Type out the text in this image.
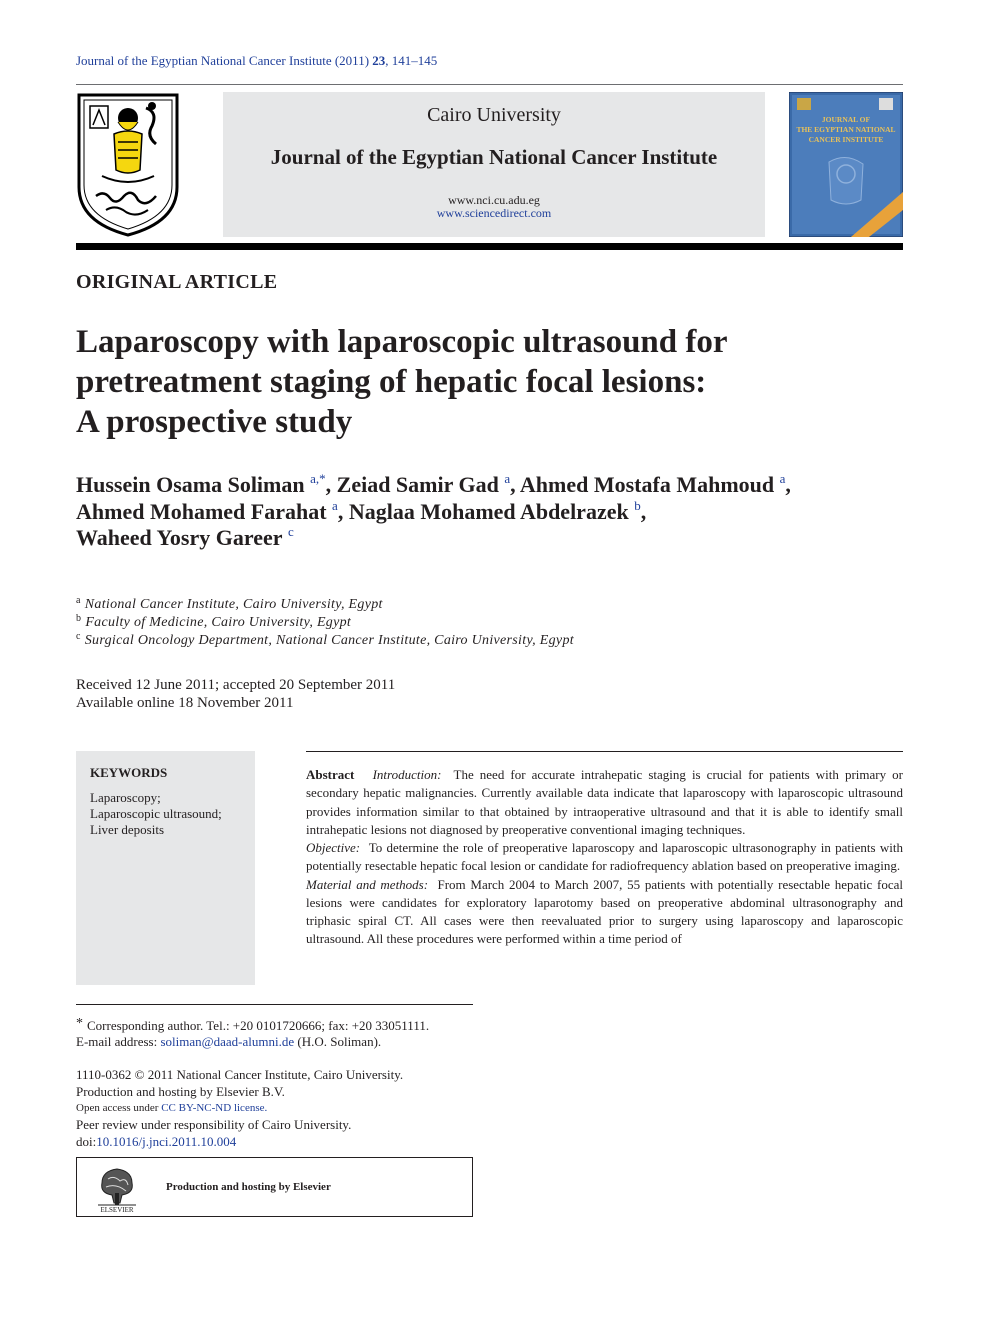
Journal of the Egyptian National Cancer Institute (2011) 23, 141–145
Cairo University
Journal of the Egyptian National Cancer Institute
www.nci.cu.adu.eg
www.sciencedirect.com
JOURNAL OF
THE EGYPTIAN NATIONAL
CANCER INSTITUTE
ORIGINAL ARTICLE
Laparoscopy with laparoscopic ultrasound for
pretreatment staging of hepatic focal lesions:
A prospective study
Hussein Osama Soliman $^{a,*}$, Zeiad Samir Gad $^a$, Ahmed Mostafa Mahmoud $^a$,
Ahmed Mohamed Farahat $^a$, Naglaa Mohamed Abdelrazek $^b$,
Waheed Yosry Gareer $^c$
$^a$ National Cancer Institute, Cairo University, Egypt
$^b$ Faculty of Medicine, Cairo University, Egypt
$^c$ Surgical Oncology Department, National Cancer Institute, Cairo University, Egypt
Received 12 June 2011; accepted 20 September 2011
Available online 18 November 2011
KEYWORDS
Laparoscopy;
Laparoscopic ultrasound;
Liver deposits

Abstract Introduction: The need for accurate intrahepatic staging is crucial for patients with primary or secondary hepatic malignancies. Currently available data indicate that laparoscopy with laparoscopic ultrasound provides information similar to that obtained by intraoperative ultrasound and that it is able to identify small intrahepatic lesions not diagnosed by preoperative conventional imaging techniques.

Objective: To determine the role of preoperative laparoscopy and laparoscopic ultrasonography in patients with potentially resectable hepatic focal lesion or candidate for radiofrequency ablation based on preoperative imaging.

Material and methods: From March 2004 to March 2007, 55 patients with potentially resectable hepatic focal lesions were candidates for exploratory laparotomy based on preoperative abdominal ultrasonography and triphasic spiral CT. All cases were then reevaluated prior to surgery using laparoscopy and laparoscopic ultrasound. All these procedures were performed within a time period of

* Corresponding author. Tel.: +20 0101720666; fax: +20 33051111.
E-mail address: soliman@daad-alumni.de (H.O. Soliman).
1110-0362 © 2011 National Cancer Institute, Cairo University.
Production and hosting by Elsevier B.V.
Open access under CC BY-NC-ND license.
Peer review under responsibility of Cairo University.
doi:10.1016/j.jnci.2011.10.004
ELSEVIER
Production and hosting by Elsevier
